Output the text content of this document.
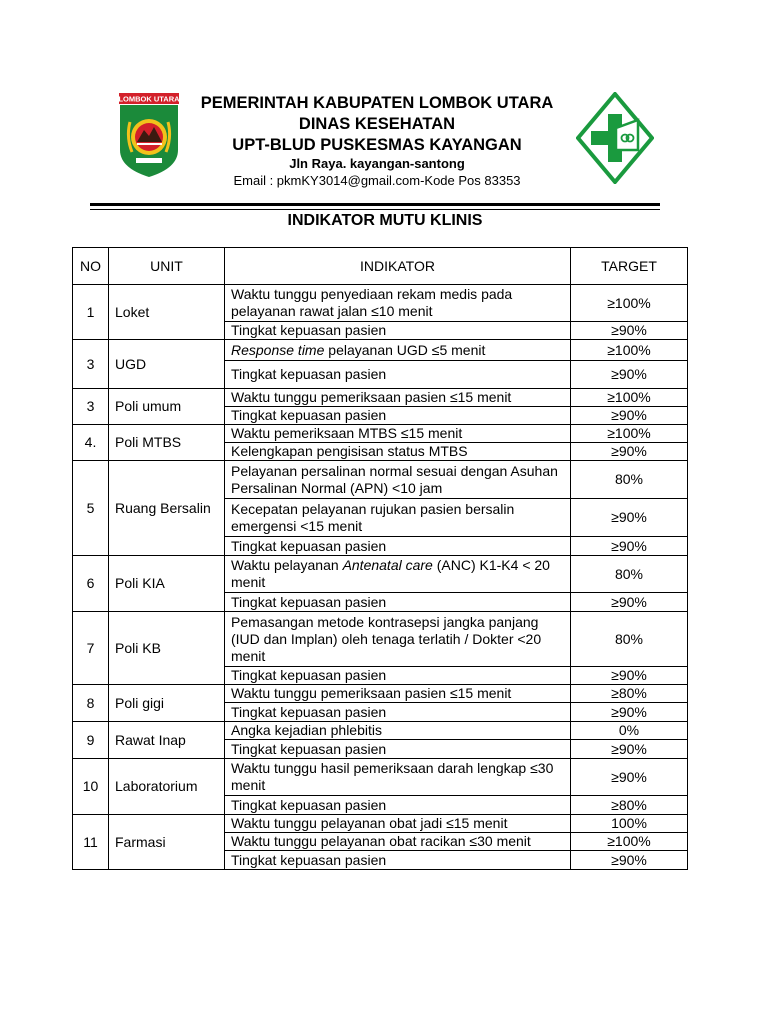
LOMBOK UTARA	PEMERINTAH KABUPATEN LOMBOK UTARA
DINAS KESEHATAN
UPT-BLUD PUSKESMAS KAYANGAN
Jln Raya. kayangan-santong
Email : pkmKY3014@gmail.com-Kode Pos 83353
INDIKATOR MUTU KLINIS
NO	UNIT	INDIKATOR	TARGET
1	Loket	Waktu tunggu penyediaan rekam medis pada pelayanan rawat jalan ≤10 menit	≥100%
		Tingkat kepuasan pasien	≥90%
3	UGD	Response time pelayanan UGD ≤5 menit	≥100%
		Tingkat kepuasan pasien	≥90%
3	Poli umum	Waktu tunggu pemeriksaan pasien ≤15 menit	≥100%
		Tingkat kepuasan pasien	≥90%
4.	Poli MTBS	Waktu pemeriksaan MTBS ≤15 menit	≥100%
		Kelengkapan pengisisan status MTBS	≥90%
5	Ruang Bersalin	Pelayanan persalinan normal sesuai dengan Asuhan Persalinan Normal (APN) <10 jam	80%
		Kecepatan pelayanan rujukan pasien bersalin emergensi <15 menit	≥90%
		Tingkat kepuasan pasien	≥90%
6	Poli KIA	Waktu pelayanan Antenatal care (ANC) K1-K4 < 20 menit	80%
		Tingkat kepuasan pasien	≥90%
7	Poli KB	Pemasangan metode kontrasepsi jangka panjang (IUD dan Implan) oleh tenaga terlatih / Dokter <20 menit	80%
		Tingkat kepuasan pasien	≥90%
8	Poli gigi	Waktu tunggu pemeriksaan pasien ≤15 menit	≥80%
		Tingkat kepuasan pasien	≥90%
9	Rawat Inap	Angka kejadian phlebitis	0%
		Tingkat kepuasan pasien	≥90%
10	Laboratorium	Waktu tunggu hasil pemeriksaan darah lengkap ≤30 menit	≥90%
		Tingkat kepuasan pasien	≥80%
11	Farmasi	Waktu tunggu pelayanan obat jadi ≤15 menit	100%
		Waktu tunggu pelayanan obat racikan ≤30 menit	≥100%
		Tingkat kepuasan pasien	≥90%
